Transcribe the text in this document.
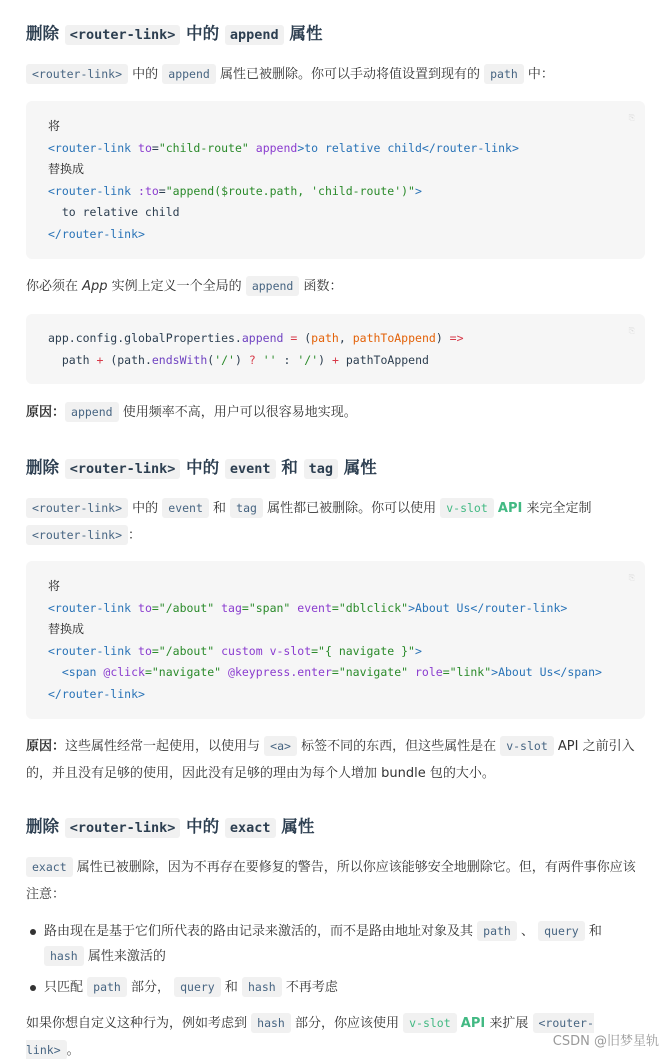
删除 <router-link> 中的 append 属性

<router-link> 中的 append 属性已被删除。你可以手动将值设置到现有的 path 中：

⎘
将
<router-link to="child-route" append>to relative child</router-link>
替换成
<router-link :to="append($route.path, 'child-route')">
to relative child
</router-link>

你必须在 App 实例上定义一个全局的 append 函数：

⎘
app.config.globalProperties.append = (path, pathToAppend) =>
path + (path.endsWith('/') ? '' : '/') + pathToAppend

原因： append 使用频率不高，用户可以很容易地实现。

删除 <router-link> 中的 event 和 tag 属性

<router-link> 中的 event 和 tag 属性都已被删除。你可以使用 v-slot API 来完全定制
<router-link> ：

⎘
将
<router-link to="/about" tag="span" event="dblclick">About Us</router-link>
替换成
<router-link to="/about" custom v-slot="{ navigate }">
<span @click="navigate" @keypress.enter="navigate" role="link">About Us</span>
</router-link>

原因：这些属性经常一起使用，以使用与 <a> 标签不同的东西，但这些属性是在 v-slot API 之前引入的，并且没有足够的使用，因此没有足够的理由为每个人增加 bundle 包的大小。

删除 <router-link> 中的 exact 属性

exact 属性已被删除，因为不再存在要修复的警告，所以你应该能够安全地删除它。但，有两件事你应该注意：

路由现在是基于它们所代表的路由记录来激活的，而不是路由地址对象及其 path 、 query 和 hash 属性来激活的
只匹配 path 部分， query 和 hash 不再考虑

如果你想自定义这种行为，例如考虑到 hash 部分，你应该使用 v-slot API 来扩展 <router-link> 。

CSDN @旧梦星轨
